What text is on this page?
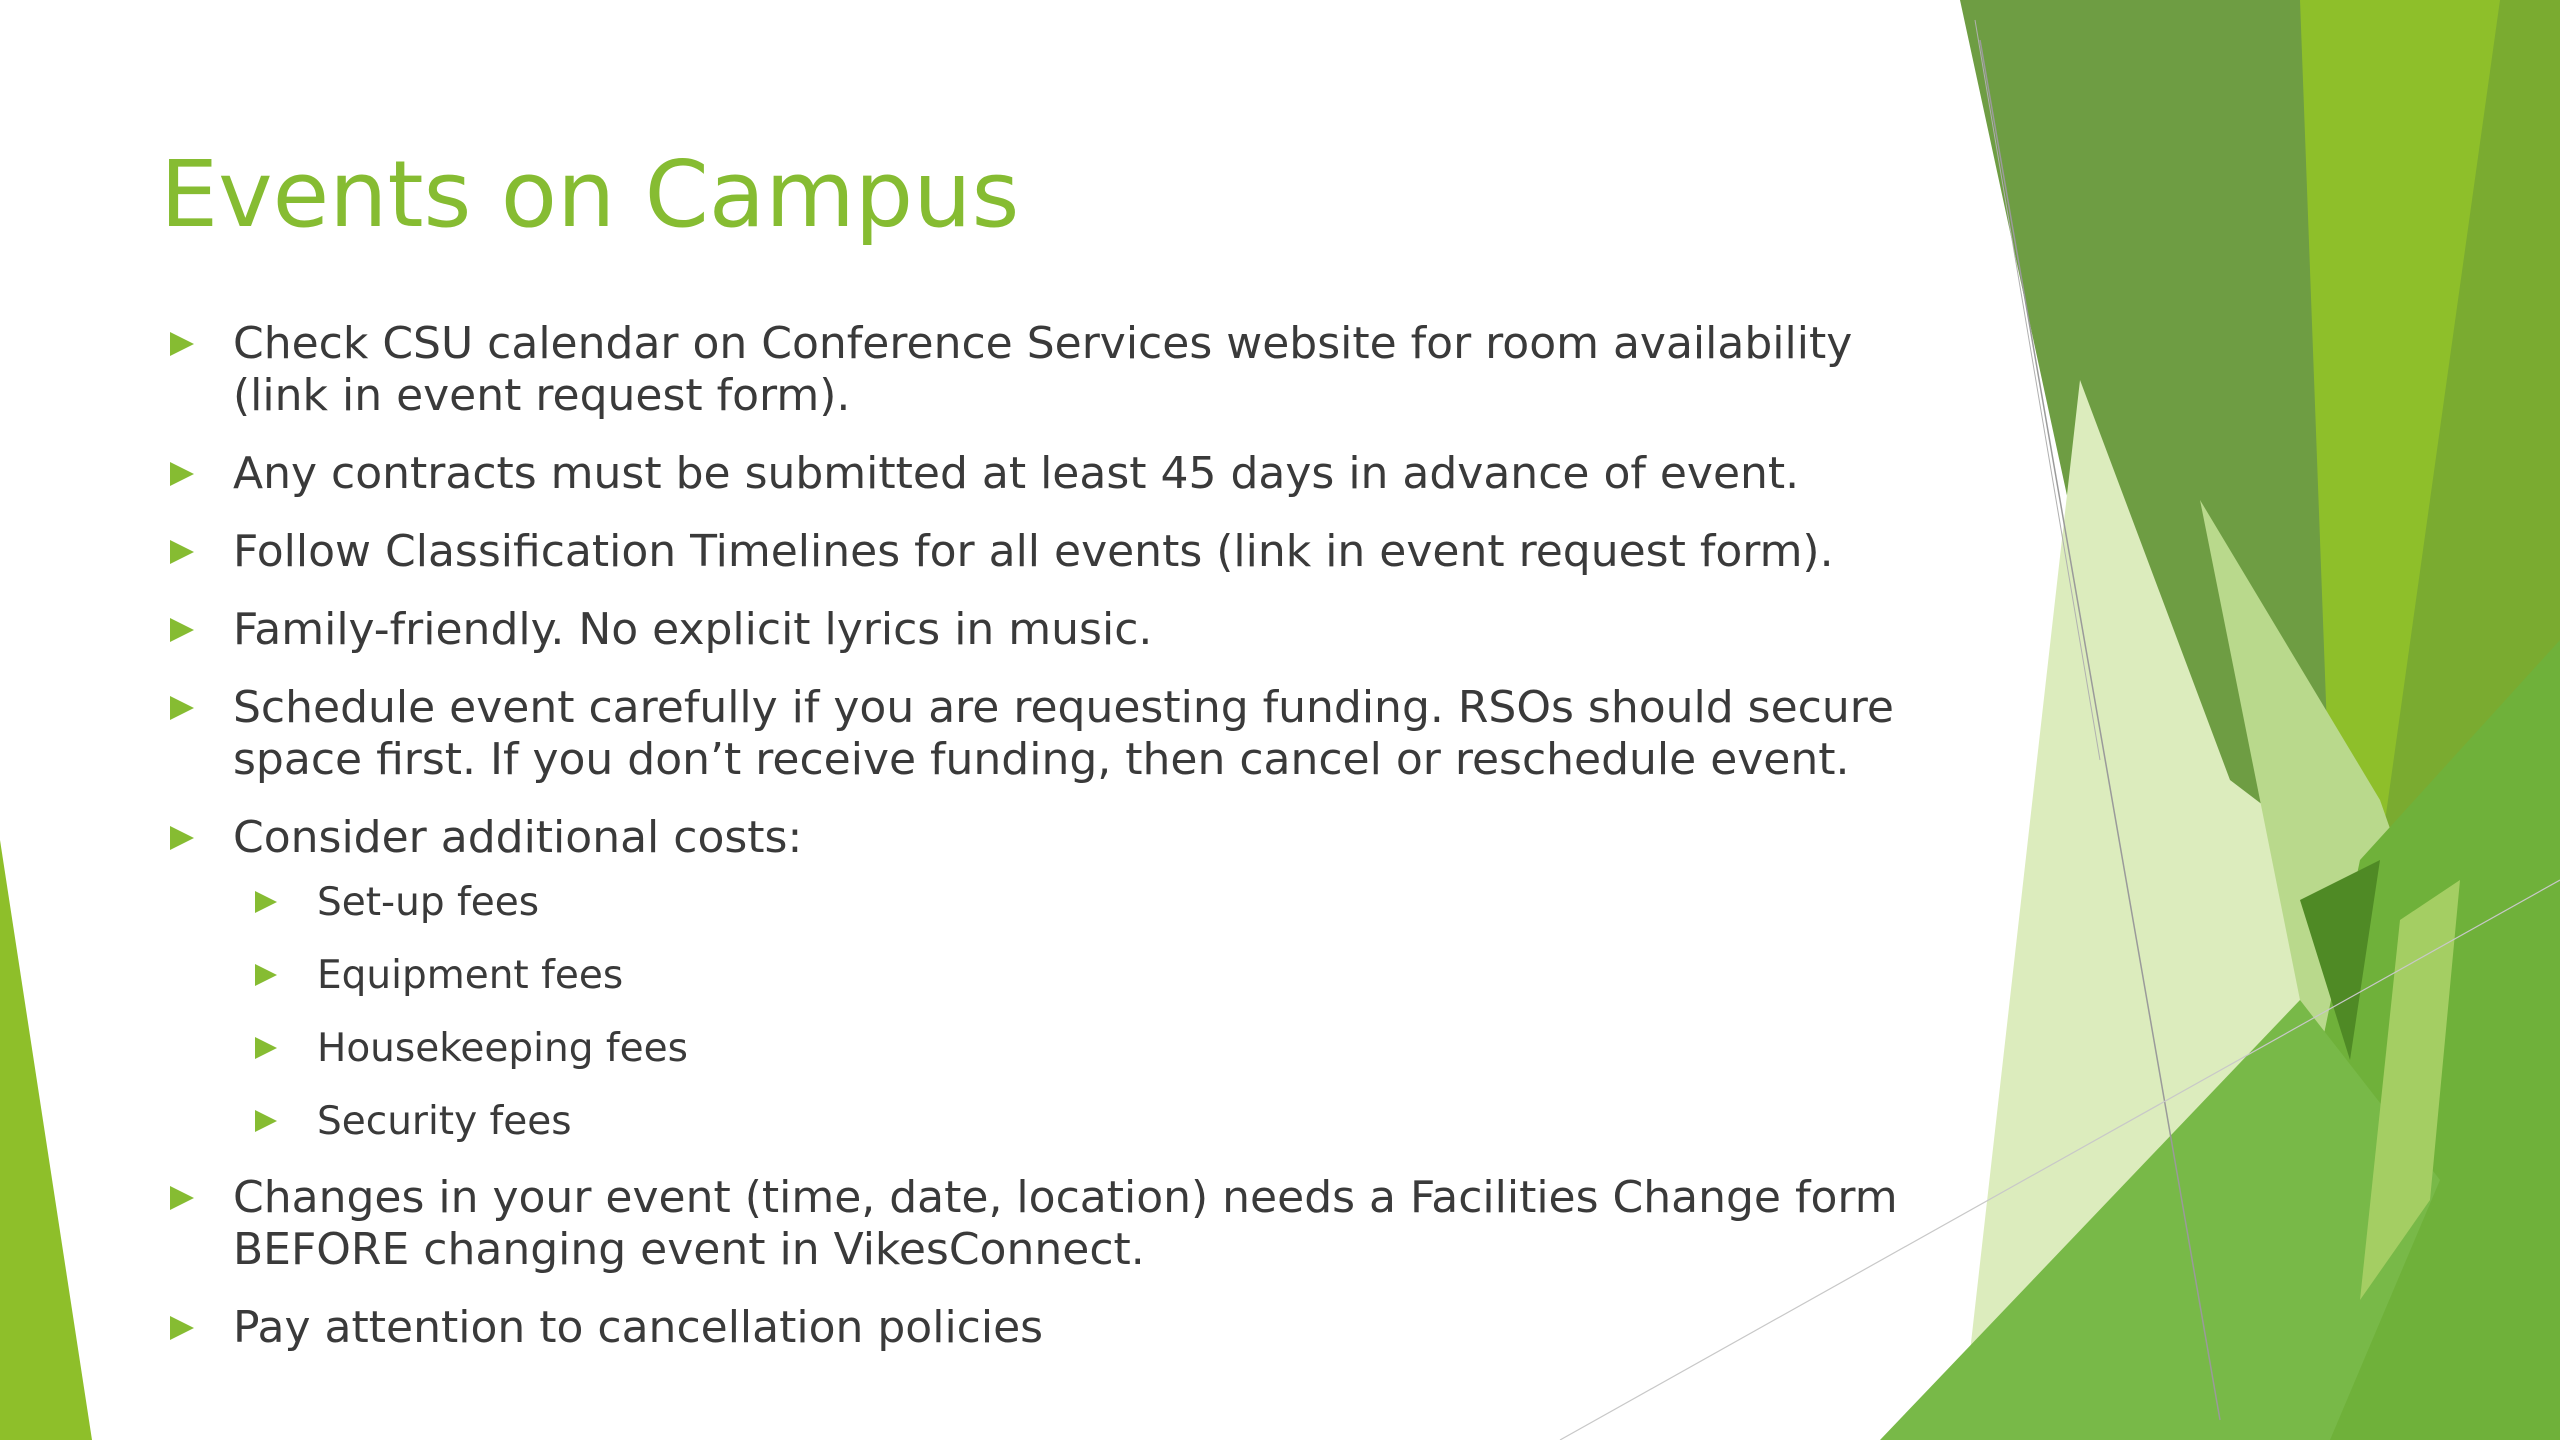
Events on Campus
Check CSU calendar on Conference Services website for room availability (link in event request form).
Any contracts must be submitted at least 45 days in advance of event.
Follow Classification Timelines for all events (link in event request form).
Family-friendly. No explicit lyrics in music.
Schedule event carefully if you are requesting funding. RSOs should secure space first. If you don’t receive funding, then cancel or reschedule event.
Consider additional costs:
Set-up fees
Equipment fees
Housekeeping fees
Security fees
Changes in your event (time, date, location) needs a Facilities Change form BEFORE changing event in VikesConnect.
Pay attention to cancellation policies
